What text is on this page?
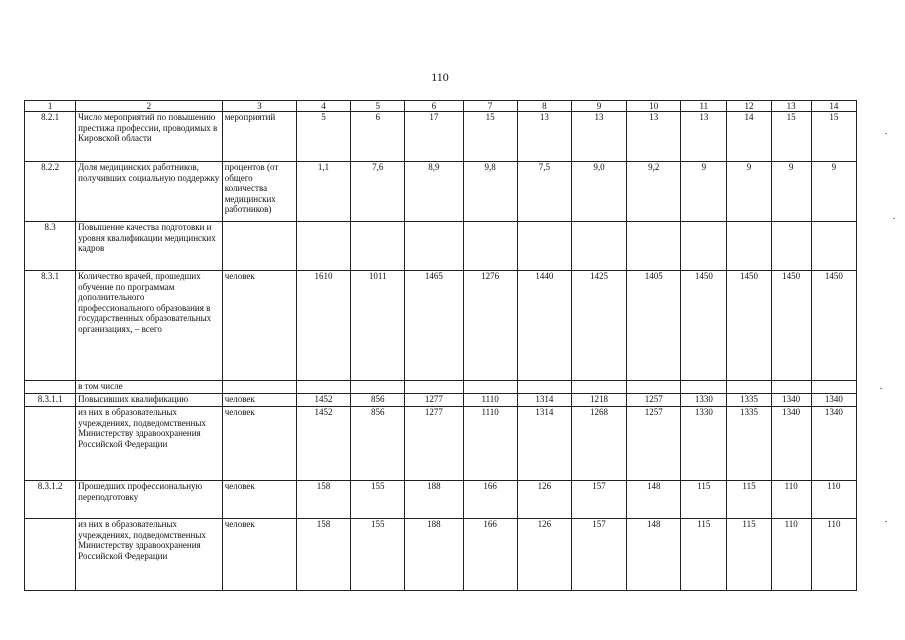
110
1	2	3	4	5	6	7	8	9	10	11	12	13	14
8.2.1	Число мероприятий по повышению престижа профессии, проводимых в Кировской области	мероприятий	5	6	17	15	13	13	13	13	14	15	15
8.2.2	Доля медицинских работников, получивших социальную поддержку	процентов (от общего количества медицинских работников)	1,1	7,6	8,9	9,8	7,5	9,0	9,2	9	9	9	9
8.3	Повышение качества подготовки и уровня квалификации медицинских кадров												
8.3.1	Количество врачей, прошедших обучение по программам дополнительного профессионального образования в государственных образовательных организациях, – всего	человек	1610	1011	1465	1276	1440	1425	1405	1450	1450	1450	1450
	в том числе												
8.3.1.1	Повысивших квалификацию	человек	1452	856	1277	1110	1314	1218	1257	1330	1335	1340	1340
	из них в образовательных учреждениях, подведомственных Министерству здравоохранения Российской Федерации	человек	1452	856	1277	1110	1314	1268	1257	1330	1335	1340	1340
8.3.1.2	Прошедших профессиональную переподготовку	человек	158	155	188	166	126	157	148	115	115	110	110
	из них в образовательных учреждениях, подведомственных Министерству здравоохранения Российской Федерации	человек	158	155	188	166	126	157	148	115	115	110	110
